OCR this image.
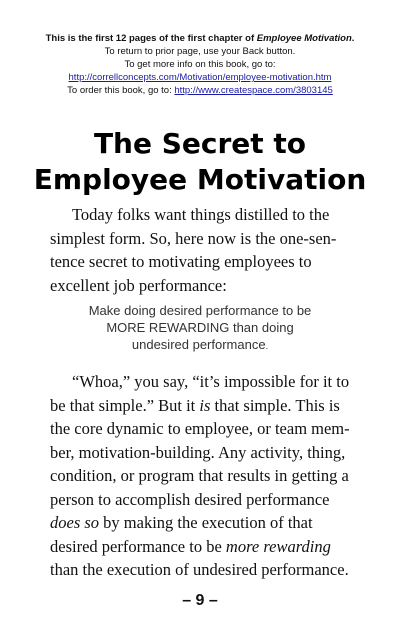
This is the first 12 pages of the first chapter of Employee Motivation.
To return to prior page, use your Back button.
To get more info on this book, go to:
http://correllconcepts.com/Motivation/employee-motivation.htm
To order this book, go to: http://www.createspace.com/3803145
The Secret to
Employee Motivation
Today folks want things distilled to the
simplest form. So, here now is the one-sen-
tence secret to motivating employees to
excellent job performance:
Make doing desired performance to be
MORE REWARDING than doing
undesired performance.
“Whoa,” you say, “it’s impossible for it to
be that simple.” But it is that simple. This is
the core dynamic to employee, or team mem-
ber, motivation-building. Any activity, thing,
condition, or program that results in getting a
person to accomplish desired performance
does so by making the execution of that
desired performance to be more rewarding
than the execution of undesired performance.
– 9 –
